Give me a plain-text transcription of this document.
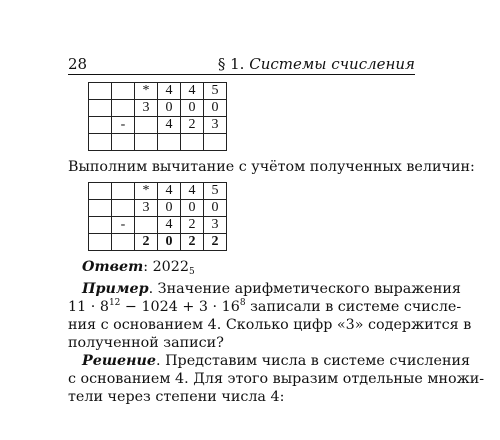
28	§ 1. Системы счисления
		*	4	4	5
		3	0	0	0
	-		4	2	3

Выполним вычитание с учётом полученных величин:
		*	4	4	5
		3	0	0	0
	-		4	2	3
		2	0	2	2
Ответ: $2022_5$
Пример. Значение арифметического выражения
$11 \cdot 8^{12} - 1024 + 3 \cdot 16^8$ записали в системе счисле-
ния с основанием 4. Сколько цифр «3» содержится в
полученной записи?
Решение. Представим числа в системе счисления
с основанием 4. Для этого выразим отдельные множи-
тели через степени числа 4:
